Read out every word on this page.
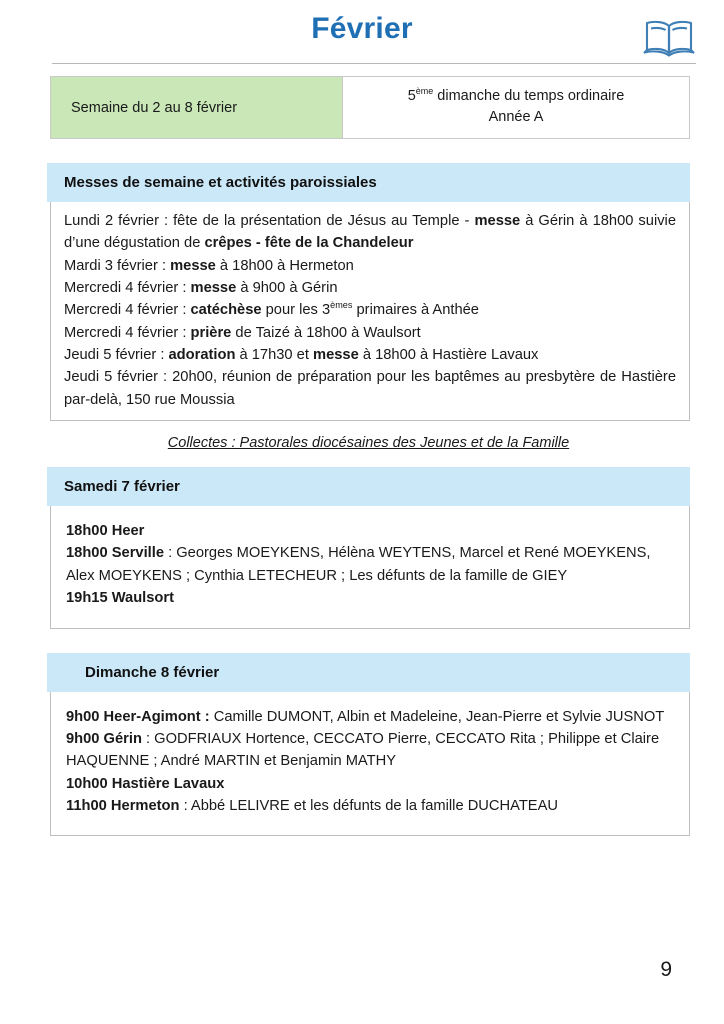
Février
Semaine du 2 au 8 février
5ème dimanche du temps ordinaire
Année A
Messes de semaine et activités paroissiales

Lundi 2 février : fête de la présentation de Jésus au Temple - messe à Gérin à 18h00 suivie d’une dégustation de crêpes - fête de la Chandeleur

Mardi 3 février : messe à 18h00 à Hermeton

Mercredi 4 février : messe à 9h00 à Gérin

Mercredi 4 février : catéchèse pour les 3èmes primaires à Anthée

Mercredi 4 février : prière de Taizé à 18h00 à Waulsort

Jeudi 5 février : adoration à 17h30 et messe à 18h00 à Hastière Lavaux

Jeudi 5 février : 20h00, réunion de préparation pour les baptêmes au presbytère de Hastière par-delà, 150 rue Moussia

Collectes : Pastorales diocésaines des Jeunes et de la Famille
Samedi 7 février

18h00 Heer

18h00 Serville : Georges MOEYKENS, Hélèna WEYTENS, Marcel et René MOEYKENS, Alex MOEYKENS ; Cynthia LETECHEUR ; Les défunts de la famille de GIEY

19h15 Waulsort

Dimanche 8 février

9h00 Heer-Agimont : Camille DUMONT, Albin et Madeleine, Jean-Pierre et Sylvie JUSNOT

9h00 Gérin : GODFRIAUX Hortence, CECCATO Pierre, CECCATO Rita ; Philippe et Claire HAQUENNE ; André MARTIN et Benjamin MATHY

10h00 Hastière Lavaux

11h00 Hermeton : Abbé LELIVRE et les défunts de la famille DUCHATEAU

9
